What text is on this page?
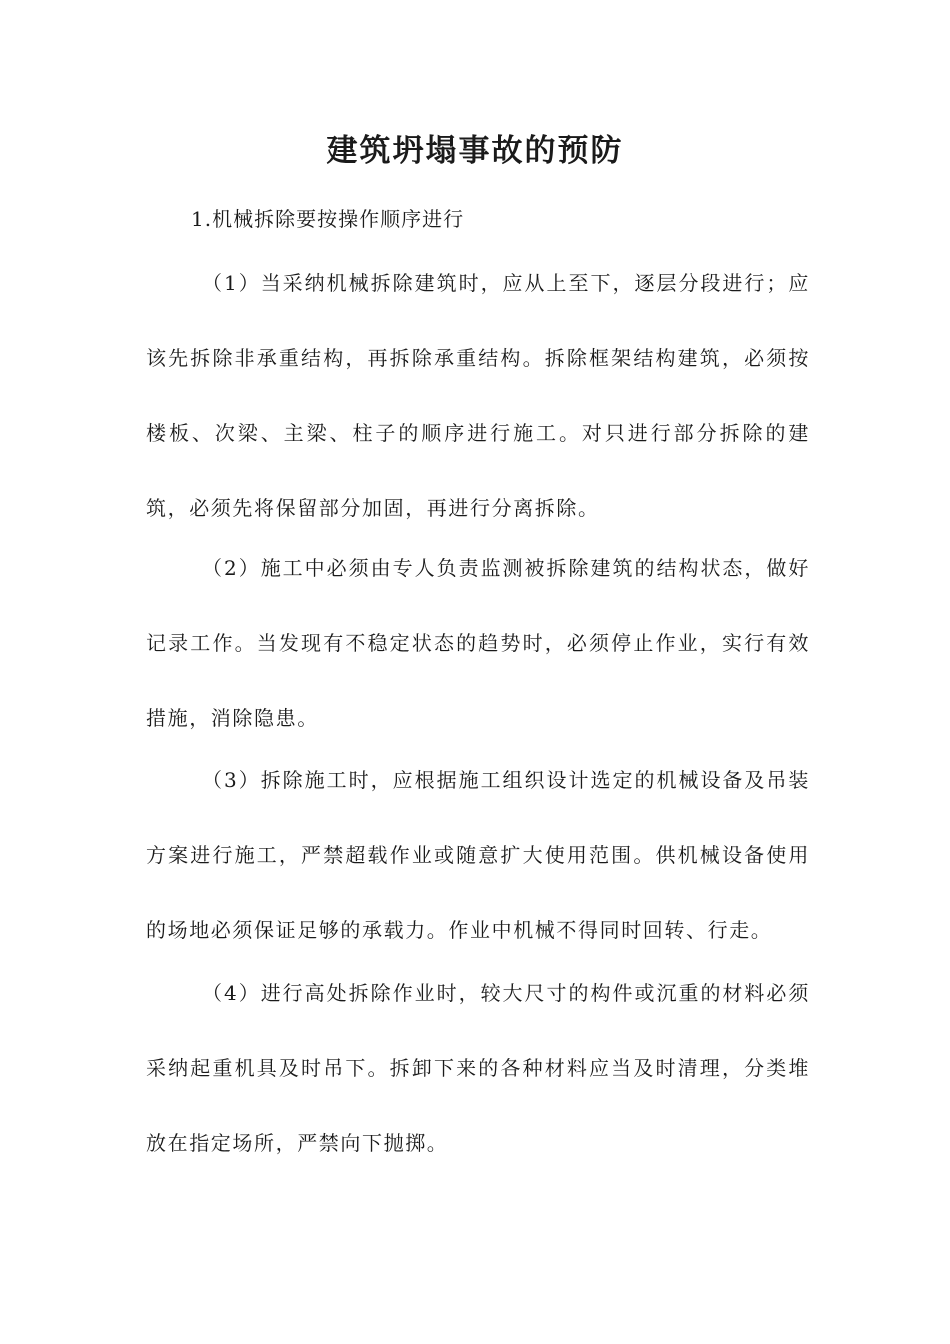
建筑坍塌事故的预防

1.机械拆除要按操作顺序进行

（1）当采纳机械拆除建筑时，应从上至下，逐层分段进行；应该先拆除非承重结构，再拆除承重结构。拆除框架结构建筑，必须按楼板、次梁、主梁、柱子的顺序进行施工。对只进行部分拆除的建筑，必须先将保留部分加固，再进行分离拆除。

（2）施工中必须由专人负责监测被拆除建筑的结构状态，做好记录工作。当发现有不稳定状态的趋势时，必须停止作业，实行有效措施，消除隐患。

（3）拆除施工时，应根据施工组织设计选定的机械设备及吊装方案进行施工，严禁超载作业或随意扩大使用范围。供机械设备使用的场地必须保证足够的承载力。作业中机械不得同时回转、行走。

（4）进行高处拆除作业时，较大尺寸的构件或沉重的材料必须采纳起重机具及时吊下。拆卸下来的各种材料应当及时清理，分类堆放在指定场所，严禁向下抛掷。
